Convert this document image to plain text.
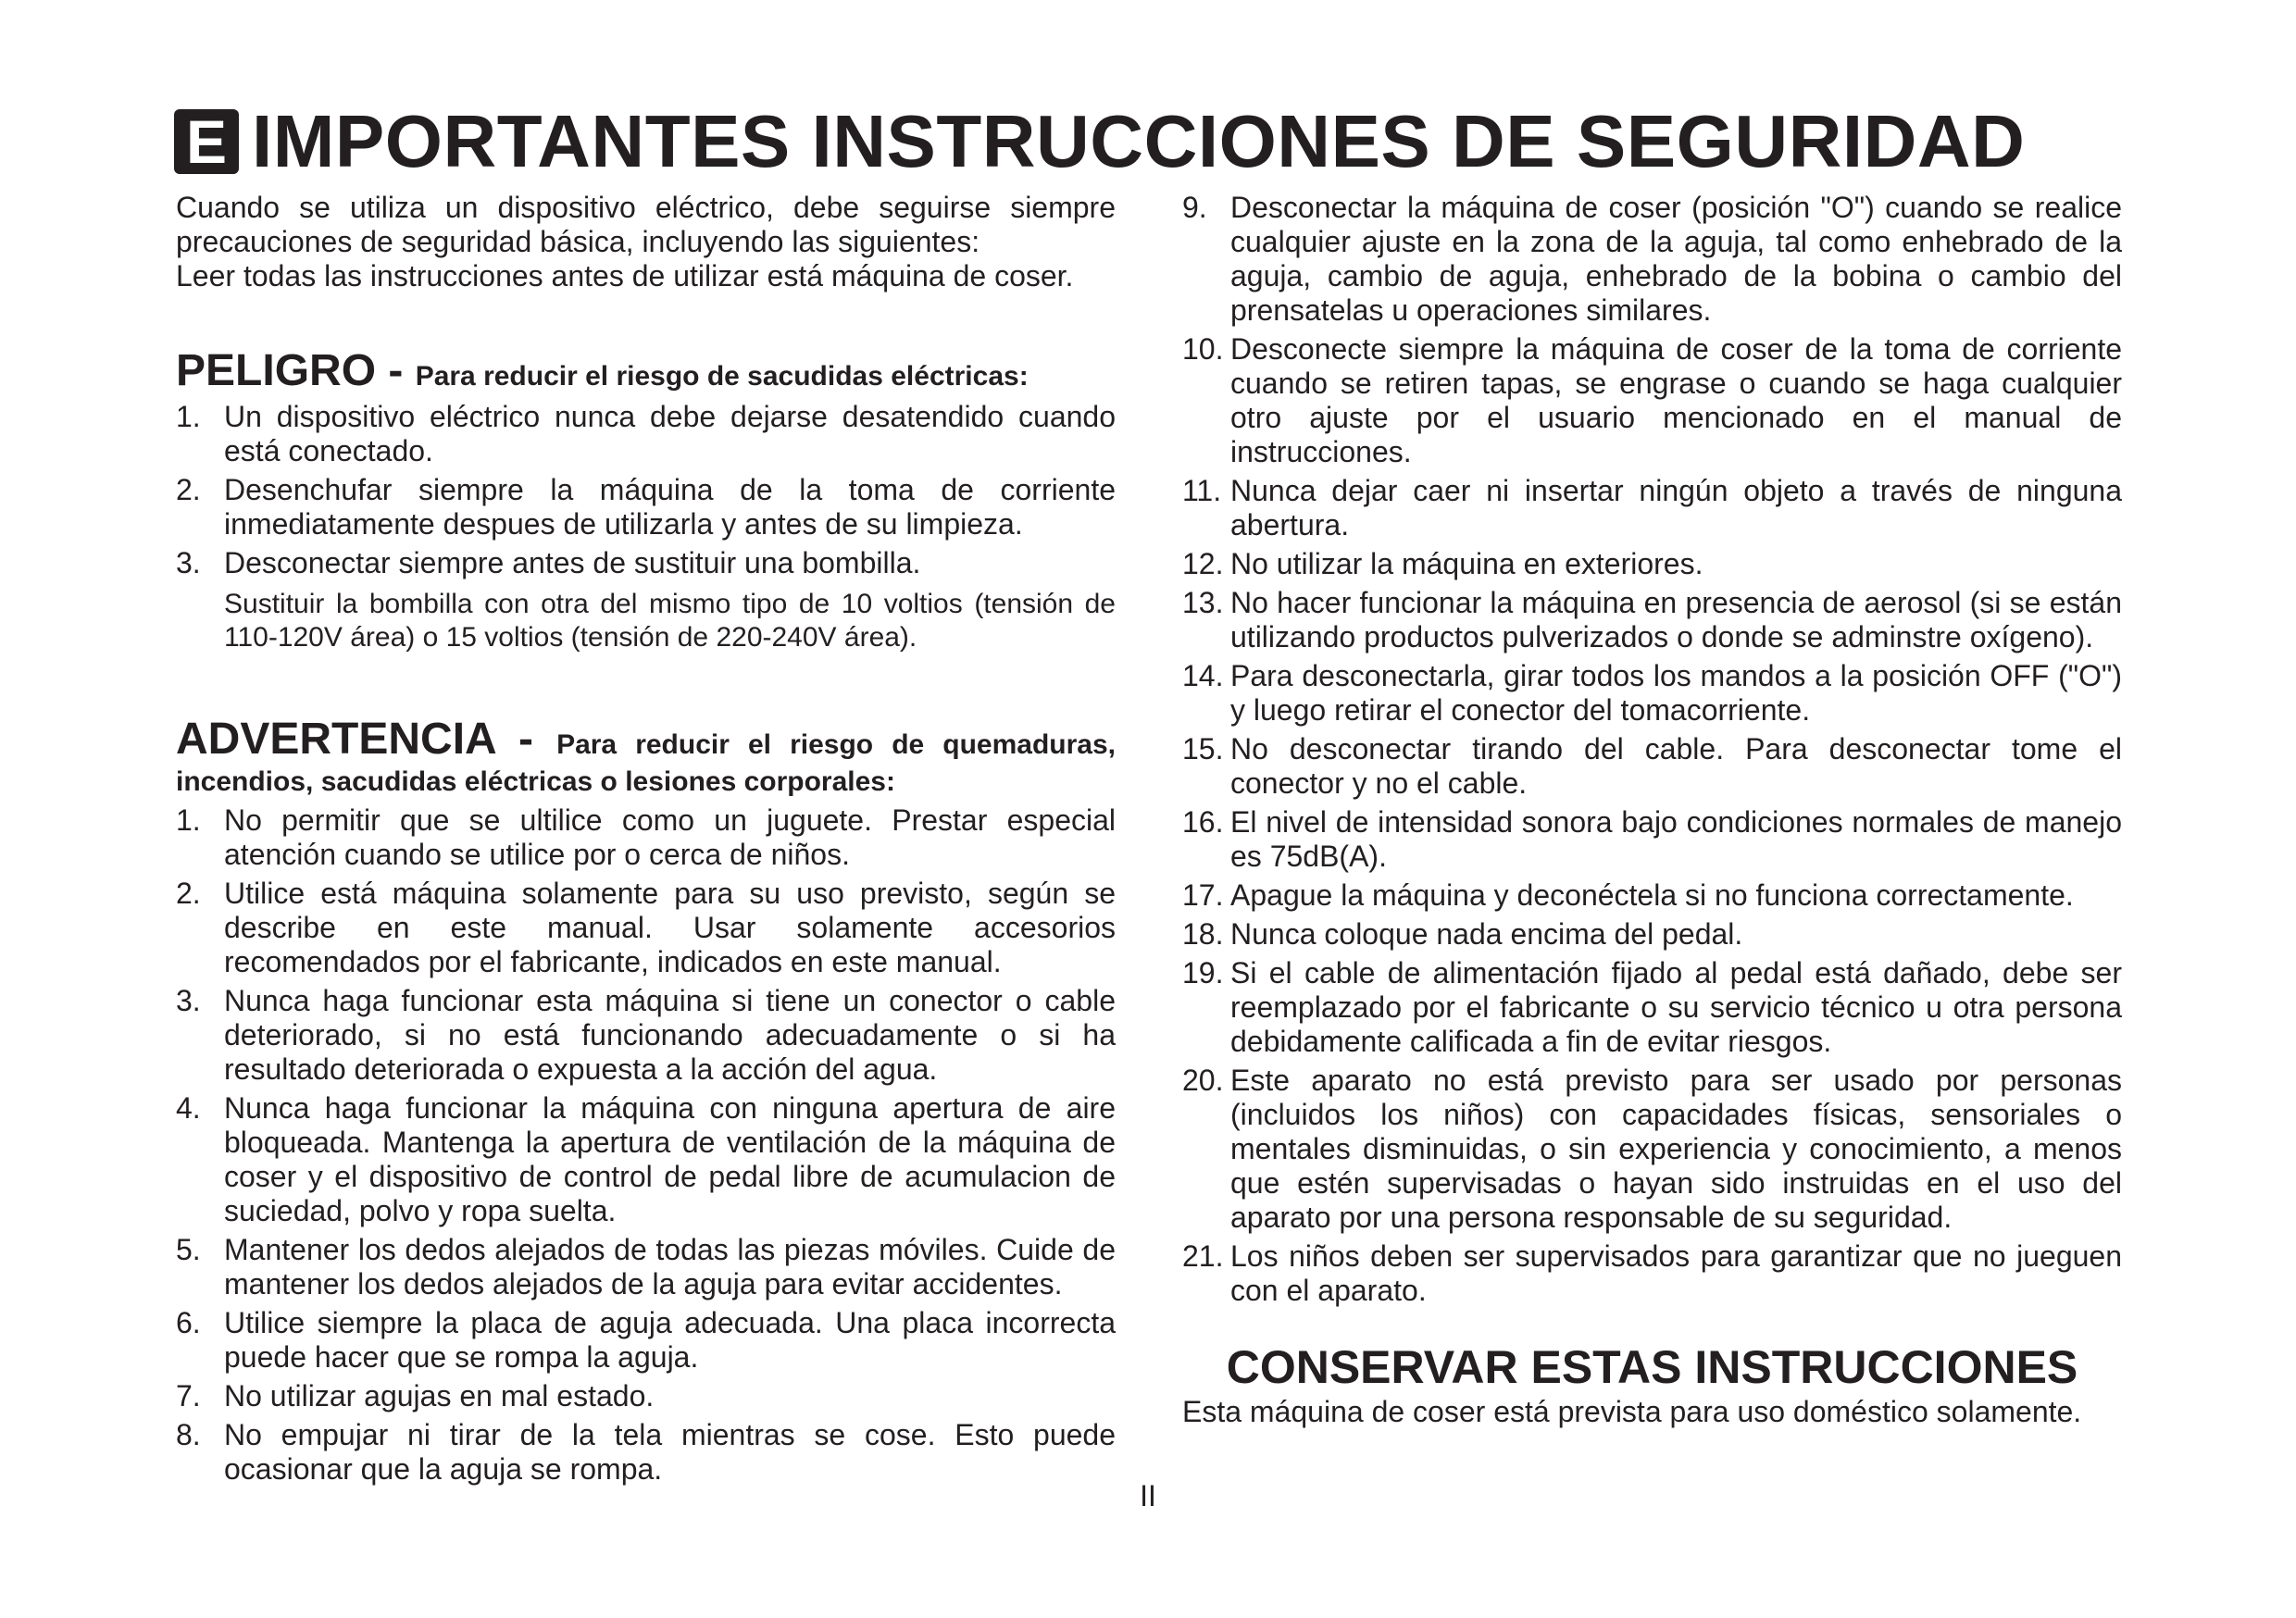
E IMPORTANTES INSTRUCCIONES DE SEGURIDAD

Cuando se utiliza un dispositivo eléctrico, debe seguirse siempre precauciones de seguridad básica, incluyendo las siguientes:

Leer todas las instrucciones antes de utilizar está máquina de coser.

PELIGRO - Para reducir el riesgo de sacudidas eléctricas:
1. Un dispositivo eléctrico nunca debe dejarse desatendido cuando está conectado.
2. Desenchufar siempre la máquina de la toma de corriente inmediatamente despues de utilizarla y antes de su limpieza.
3. Desconectar siempre antes de sustituir una bombilla.

Sustituir la bombilla con otra del mismo tipo de 10 voltios (tensión de 110-120V área) o 15 voltios (tensión de 220-240V área).

ADVERTENCIA - Para reducir el riesgo de quemaduras, incendios, sacudidas eléctricas o lesiones corporales:
1. No permitir que se ultilice como un juguete. Prestar especial atención cuando se utilice por o cerca de niños.
2. Utilice está máquina solamente para su uso previsto, según se describe en este manual. Usar solamente accesorios recomendados por el fabricante, indicados en este manual.
3. Nunca haga funcionar esta máquina si tiene un conector o cable deteriorado, si no está funcionando adecuadamente o si ha resultado deteriorada o expuesta a la acción del agua.
4. Nunca haga funcionar la máquina con ninguna apertura de aire bloqueada. Mantenga la apertura de ventilación de la máquina de coser y el dispositivo de control de pedal libre de acumulacion de suciedad, polvo y ropa suelta.
5. Mantener los dedos alejados de todas las piezas móviles. Cuide de mantener los dedos alejados de la aguja para evitar accidentes.
6. Utilice siempre la placa de aguja adecuada. Una placa incorrecta puede hacer que se rompa la aguja.
7. No utilizar agujas en mal estado.
8. No empujar ni tirar de la tela mientras se cose. Esto puede ocasionar que la aguja se rompa.
9. Desconectar la máquina de coser (posición "O") cuando se realice cualquier ajuste en la zona de la aguja, tal como enhebrado de la aguja, cambio de aguja, enhebrado de la bobina o cambio del prensatelas u operaciones similares.
10. Desconecte siempre la máquina de coser de la toma de corriente cuando se retiren tapas, se engrase o cuando se haga cualquier otro ajuste por el usuario mencionado en el manual de instrucciones.
11. Nunca dejar caer ni insertar ningún objeto a través de ninguna abertura.
12. No utilizar la máquina en exteriores.
13. No hacer funcionar la máquina en presencia de aerosol (si se están utilizando productos pulverizados o donde se adminstre oxígeno).
14. Para desconectarla, girar todos los mandos a la posición OFF ("O") y luego retirar el conector del tomacorriente.
15. No desconectar tirando del cable. Para desconectar tome el conector y no el cable.
16. El nivel de intensidad sonora bajo condiciones normales de manejo es 75dB(A).
17. Apague la máquina y deconéctela si no funciona correctamente.
18. Nunca coloque nada encima del pedal.
19. Si el cable de alimentación fijado al pedal está dañado, debe ser reemplazado por el fabricante o su servicio técnico u otra persona debidamente calificada a fin de evitar riesgos.
20. Este aparato no está previsto para ser usado por personas (incluidos los niños) con capacidades físicas, sensoriales o mentales disminuidas, o sin experiencia y conocimiento, a menos que estén supervisadas o hayan sido instruidas en el uso del aparato por una persona responsable de su seguridad.
21. Los niños deben ser supervisados para garantizar que no jueguen con el aparato.
CONSERVAR ESTAS INSTRUCCIONES

Esta máquina de coser está prevista para uso doméstico solamente.

II
